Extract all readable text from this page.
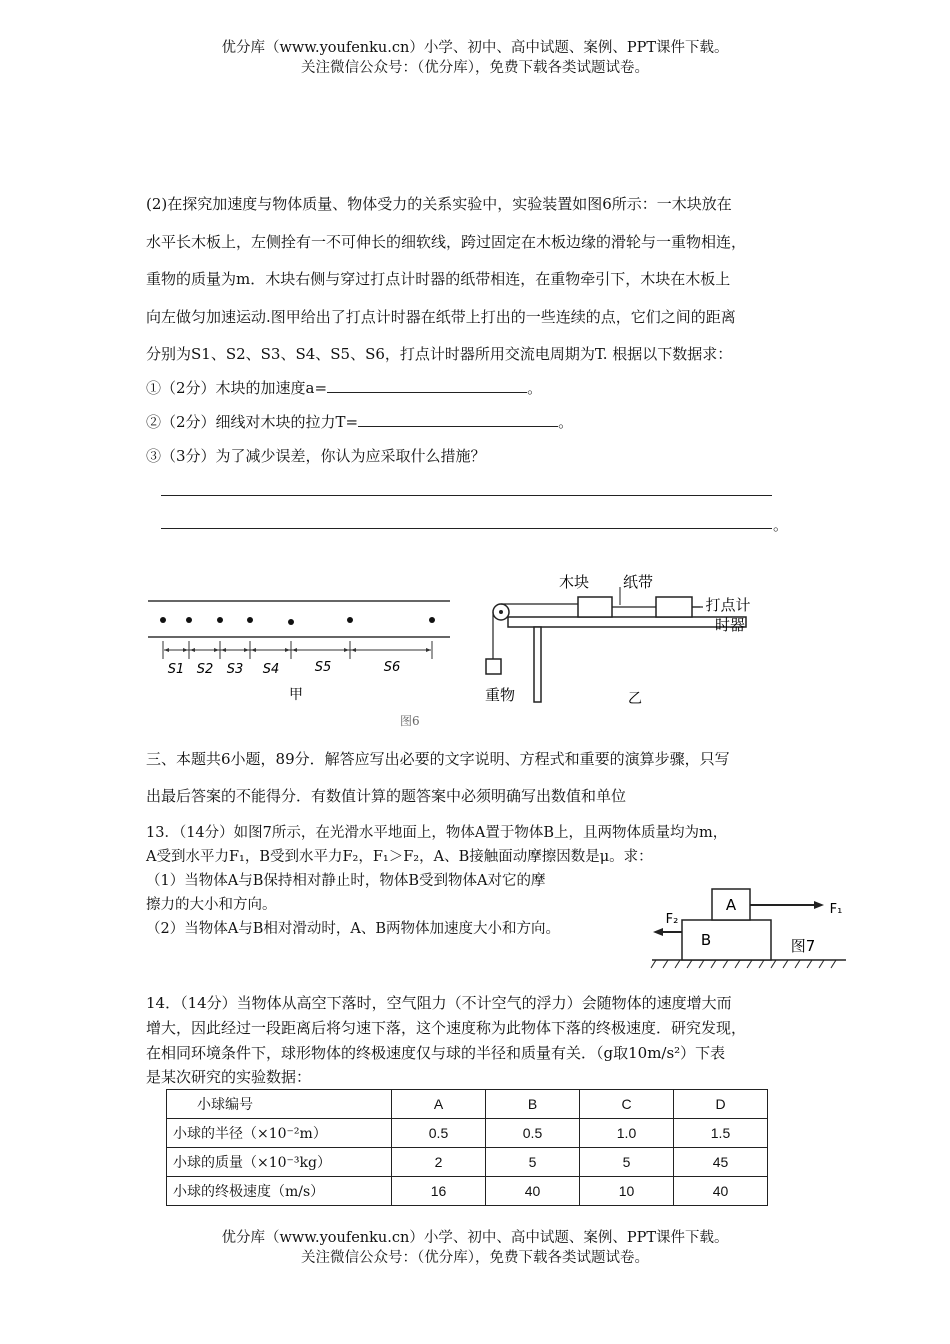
优分库（www.youfenku.cn）小学、初中、高中试题、案例、PPT课件下载。
关注微信公众号：（优分库），免费下载各类试题试卷。
(2)在探究加速度与物体质量、物体受力的关系实验中，实验装置如图6所示：一木块放在
水平长木板上，左侧拴有一不可伸长的细软线，跨过固定在木板边缘的滑轮与一重物相连，
重物的质量为m．木块右侧与穿过打点计时器的纸带相连，在重物牵引下，木块在木板上
向左做匀加速运动.图甲给出了打点计时器在纸带上打出的一些连续的点，它们之间的距离
分别为S1、S2、S3、S4、S5、S6，打点计时器所用交流电周期为T. 根据以下数据求：
①（2分）木块的加速度a=	。
②（2分）细线对木块的拉力T=	。
③（3分）为了减少误差，你认为应采取什么措施？
。
S1 S2 S3 S4	S5	S6
甲
木块 纸带
打点计
时器
重物	乙
图6
三、本题共6小题，89分．解答应写出必要的文字说明、方程式和重要的演算步骤，只写
出最后答案的不能得分．有数值计算的题答案中必须明确写出数值和单位
13．（14分）如图7所示，在光滑水平地面上，物体A置于物体B上，且两物体质量均为m，
A受到水平力F₁，B受到水平力F₂，F₁＞F₂，A、B接触面动摩擦因数是μ。求：
（1）当物体A与B保持相对静止时，物体B受到物体A对它的摩
擦力的大小和方向。
（2）当物体A与B相对滑动时，A、B两物体加速度大小和方向。
A
B
F₁
F₂
图7
14．（14分）当物体从高空下落时，空气阻力（不计空气的浮力）会随物体的速度增大而
增大，因此经过一段距离后将匀速下落，这个速度称为此物体下落的终极速度．研究发现，
在相同环境条件下，球形物体的终极速度仅与球的半径和质量有关．（g取10m/s²）下表
是某次研究的实验数据：
小球编号	A	B	C	D
小球的半径（×10⁻²m）	0.5	0.5	1.0	1.5
小球的质量（×10⁻³kg）	2	5	5	45
小球的终极速度（m/s）	16	40	10	40
优分库（www.youfenku.cn）小学、初中、高中试题、案例、PPT课件下载。
关注微信公众号：（优分库），免费下载各类试题试卷。
